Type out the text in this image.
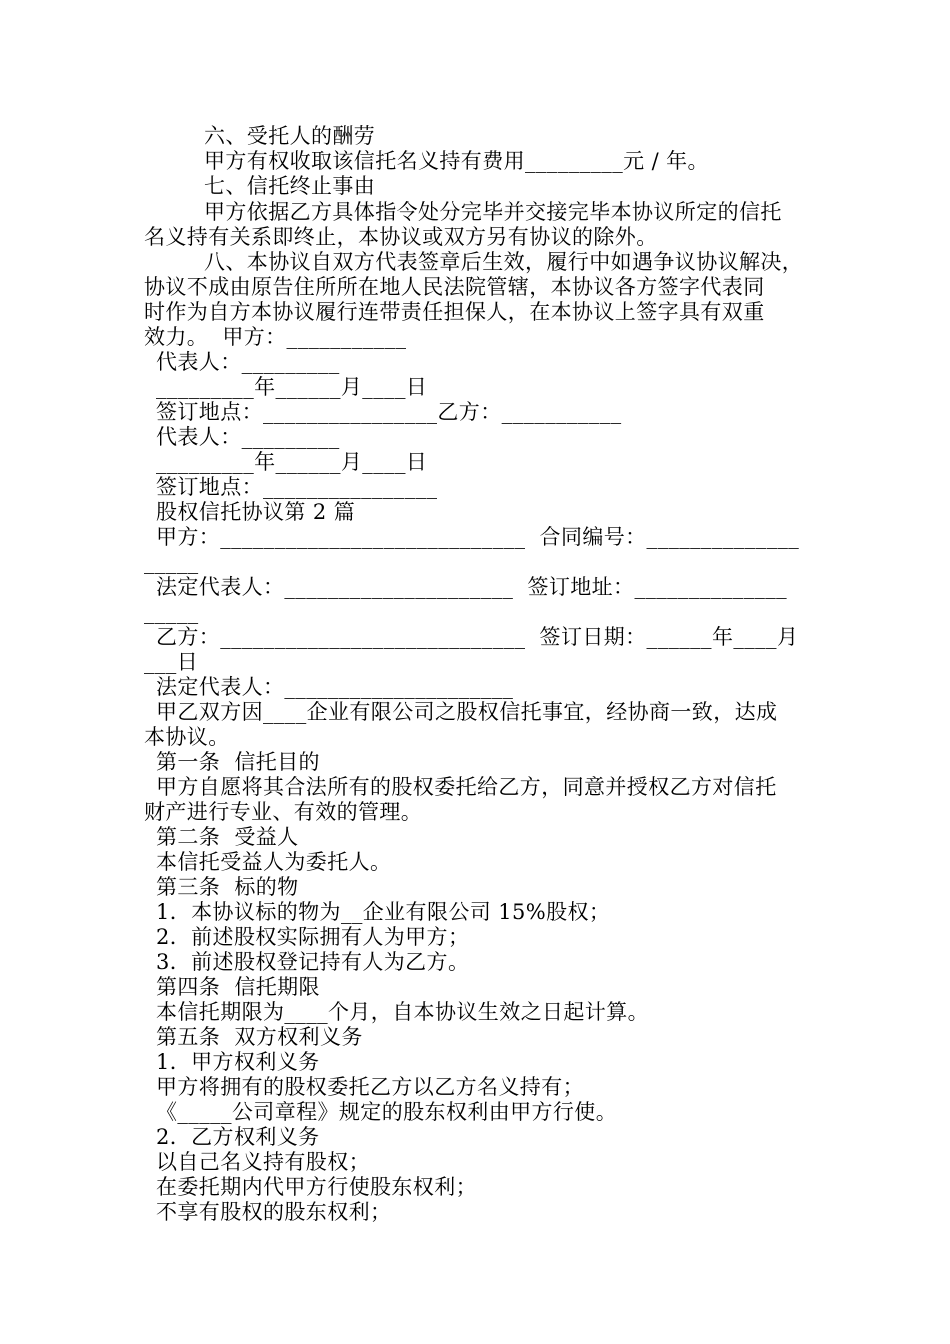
六、受托人的酬劳
甲方有权收取该信托名义持有费用_________元 / 年。
七、信托终止事由
甲方依据乙方具体指令处分完毕并交接完毕本协议所定的信托
名义持有关系即终止，本协议或双方另有协议的除外。
八、本协议自双方代表签章后生效，履行中如遇争议协议解决，
协议不成由原告住所所在地人民法院管辖，本协议各方签字代表同
时作为自方本协议履行连带责任担保人，在本协议上签字具有双重
效力。  甲方：___________
代表人：_________
_________年______月____日
签订地点：________________乙方：___________
代表人：_________
_________年______月____日
签订地点：________________
股权信托协议第 2 篇
甲方：____________________________  合同编号：______________
_____
法定代表人：_____________________  签订地址：______________
_____
乙方：____________________________  签订日期：______年____月
___日
法定代表人：_____________________
甲乙双方因____企业有限公司之股权信托事宜，经协商一致，达成
本协议。
第一条  信托目的
甲方自愿将其合法所有的股权委托给乙方，同意并授权乙方对信托
财产进行专业、有效的管理。
第二条  受益人
本信托受益人为委托人。
第三条  标的物
1．本协议标的物为__企业有限公司 15%股权；
2．前述股权实际拥有人为甲方；
3．前述股权登记持有人为乙方。
第四条  信托期限
本信托期限为____个月，自本协议生效之日起计算。
第五条  双方权利义务
1．甲方权利义务
甲方将拥有的股权委托乙方以乙方名义持有；
《_____公司章程》规定的股东权利由甲方行使。
2．乙方权利义务
以自己名义持有股权；
在委托期内代甲方行使股东权利；
不享有股权的股东权利；
